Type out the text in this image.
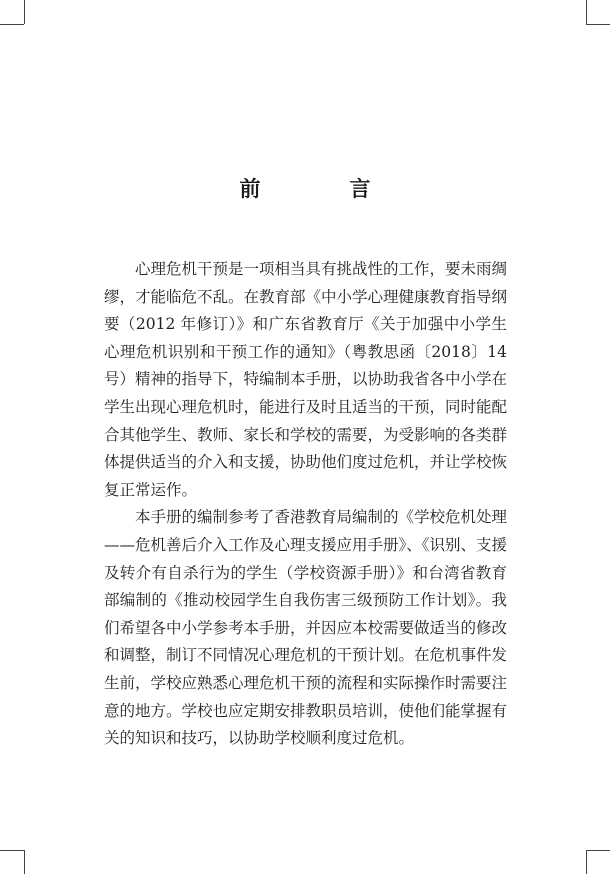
前　言

心理危机干预是一项相当具有挑战性的工作，要未雨绸缪，才能临危不乱。在教育部《中小学心理健康教育指导纲要（2012 年修订）》和广东省教育厅《关于加强中小学生心理危机识别和干预工作的通知》（粤教思函〔2018〕14 号）精神的指导下，特编制本手册，以协助我省各中小学在学生出现心理危机时，能进行及时且适当的干预，同时能配合其他学生、教师、家长和学校的需要，为受影响的各类群体提供适当的介入和支援，协助他们度过危机，并让学校恢复正常运作。

本手册的编制参考了香港教育局编制的《学校危机处理——危机善后介入工作及心理支援应用手册》、《识别、支援及转介有自杀行为的学生（学校资源手册）》和台湾省教育部编制的《推动校园学生自我伤害三级预防工作计划》。我们希望各中小学参考本手册，并因应本校需要做适当的修改和调整，制订不同情况心理危机的干预计划。在危机事件发生前，学校应熟悉心理危机干预的流程和实际操作时需要注意的地方。学校也应定期安排教职员培训，使他们能掌握有关的知识和技巧，以协助学校顺利度过危机。
